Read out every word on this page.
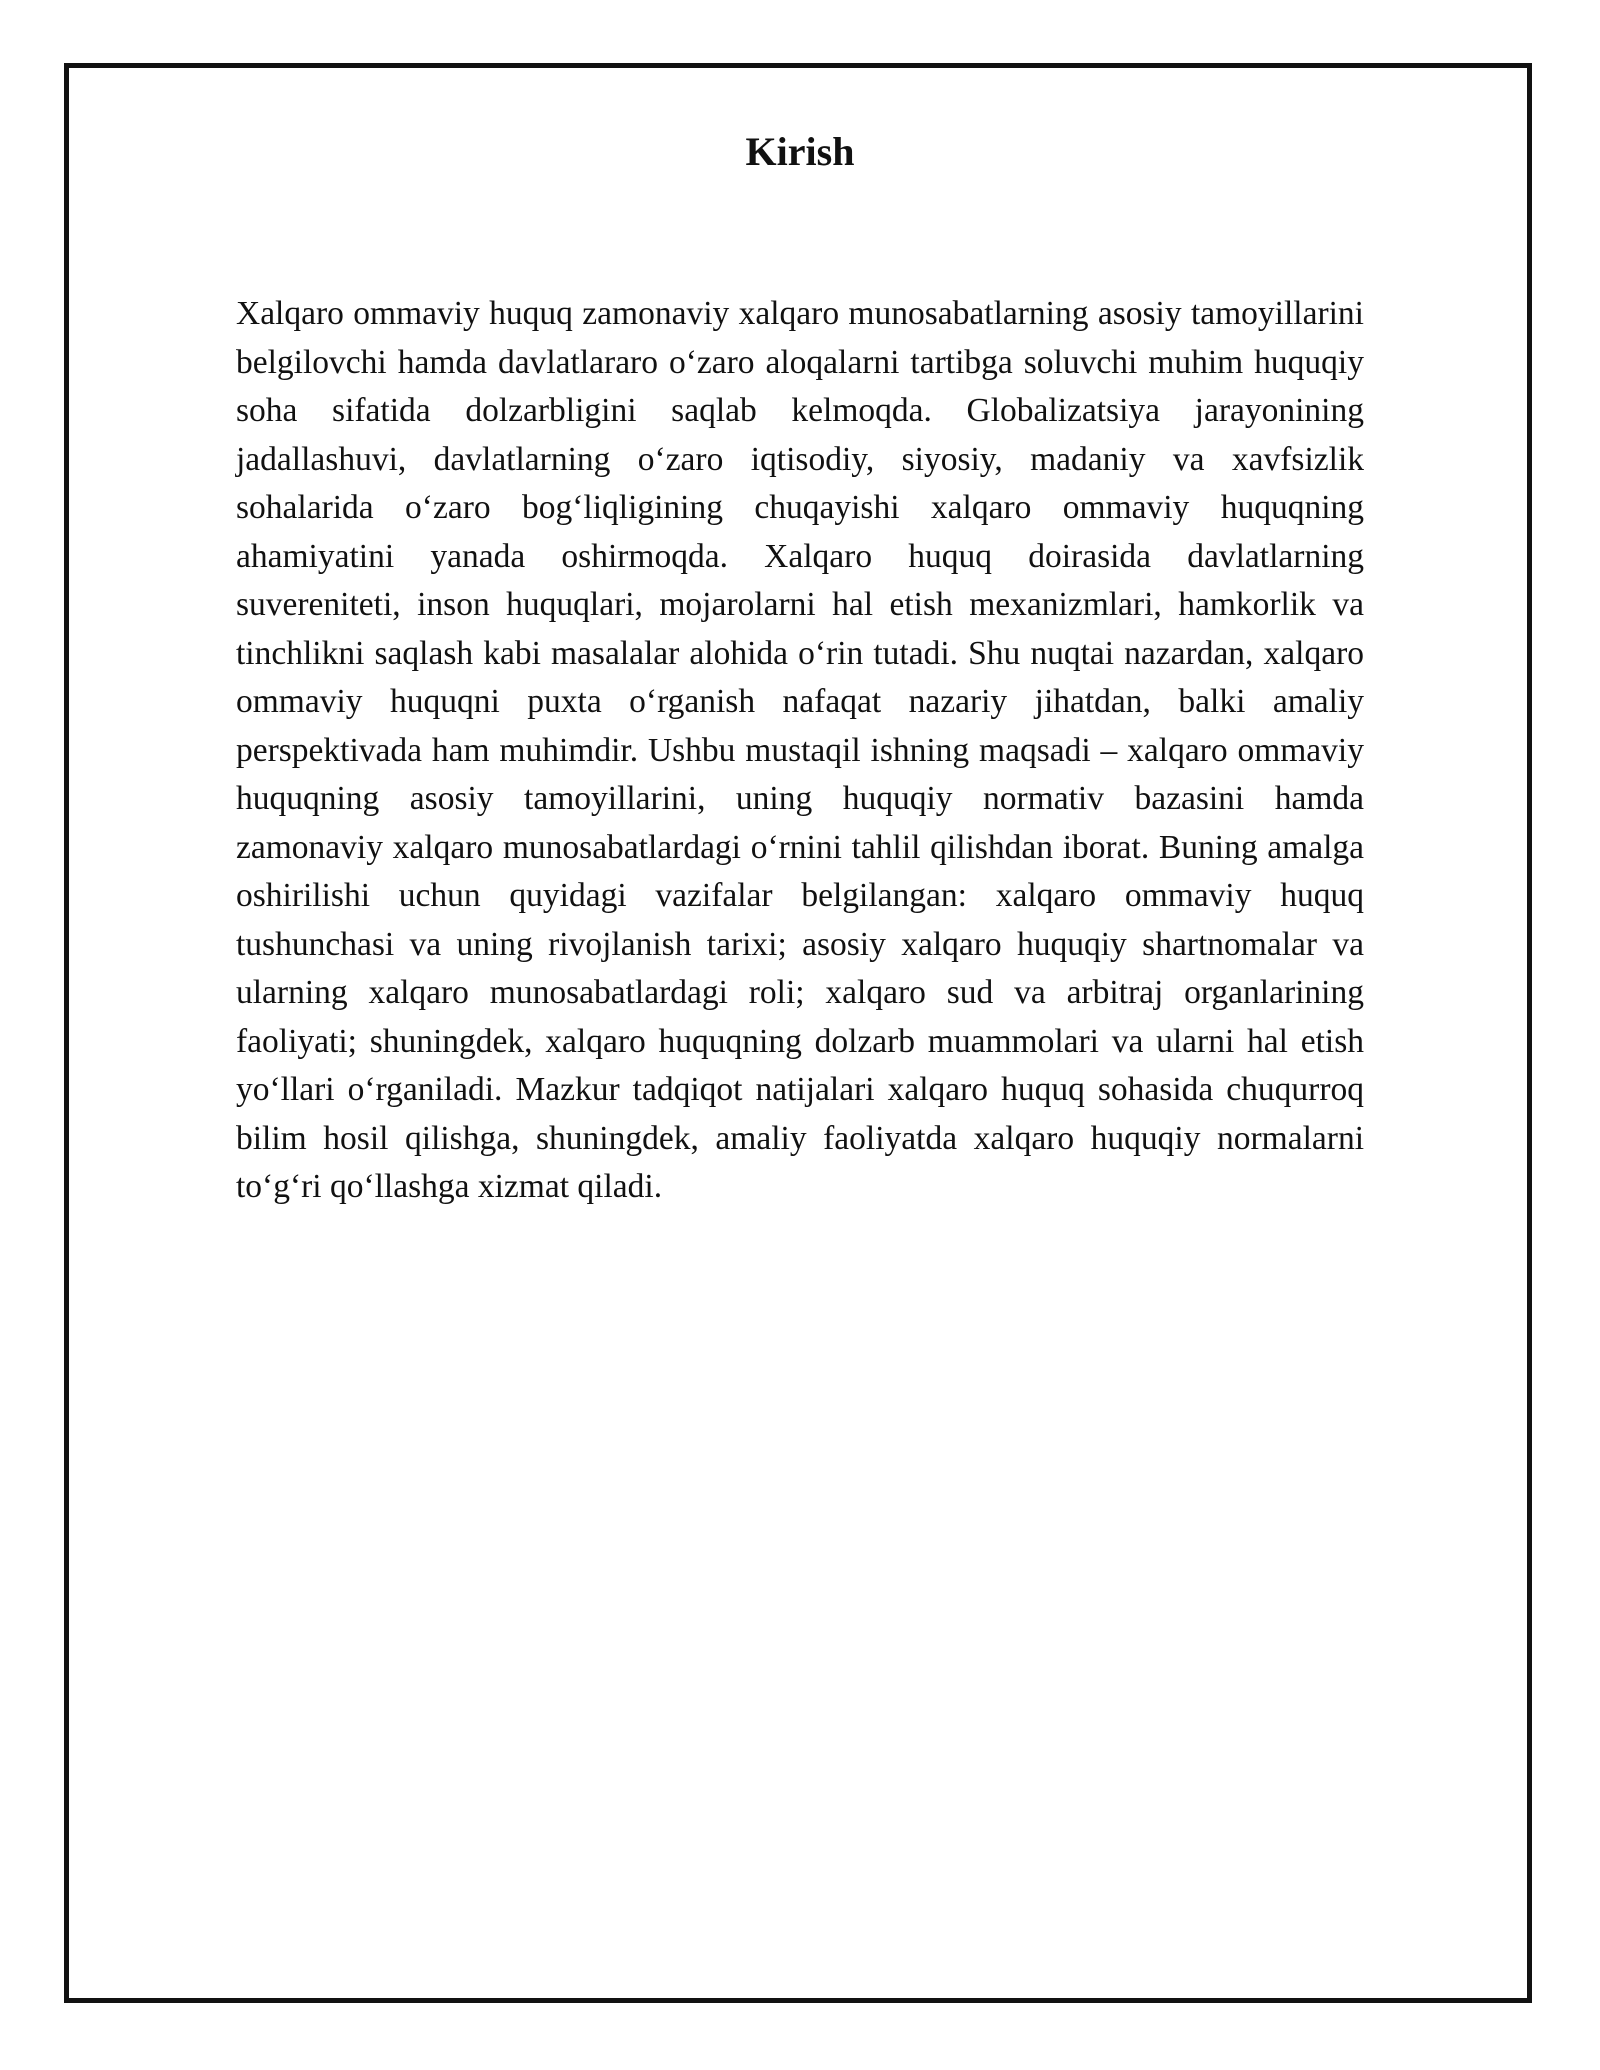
Kirish

Xalqaro ommaviy huquq zamonaviy xalqaro munosabatlarning asosiy tamoyillarini belgilovchi hamda davlatlararo o‘zaro aloqalarni tartibga soluvchi muhim huquqiy soha sifatida dolzarbligini saqlab kelmoqda. Globalizatsiya jarayonining jadallashuvi, davlatlarning o‘zaro iqtisodiy, siyosiy, madaniy va xavfsizlik sohalarida o‘zaro bog‘liqligining chuqayishi xalqaro ommaviy huquqning ahamiyatini yanada oshirmoqda. Xalqaro huquq doirasida davlatlarning suvereniteti, inson huquqlari, mojarolarni hal etish mexanizmlari, hamkorlik va tinchlikni saqlash kabi masalalar alohida o‘rin tutadi. Shu nuqtai nazardan, xalqaro ommaviy huquqni puxta o‘rganish nafaqat nazariy jihatdan, balki amaliy perspektivada ham muhimdir. Ushbu mustaqil ishning maqsadi – xalqaro ommaviy huquqning asosiy tamoyillarini, uning huquqiy normativ bazasini hamda zamonaviy xalqaro munosabatlardagi o‘rnini tahlil qilishdan iborat. Buning amalga oshirilishi uchun quyidagi vazifalar belgilangan: xalqaro ommaviy huquq tushunchasi va uning rivojlanish tarixi; asosiy xalqaro huquqiy shartnomalar va ularning xalqaro munosabatlardagi roli; xalqaro sud va arbitraj organlarining faoliyati; shuningdek, xalqaro huquqning dolzarb muammolari va ularni hal etish yo‘llari o‘rganiladi. Mazkur tadqiqot natijalari xalqaro huquq sohasida chuqurroq bilim hosil qilishga, shuningdek, amaliy faoliyatda xalqaro huquqiy normalarni to‘g‘ri qo‘llashga xizmat qiladi.
